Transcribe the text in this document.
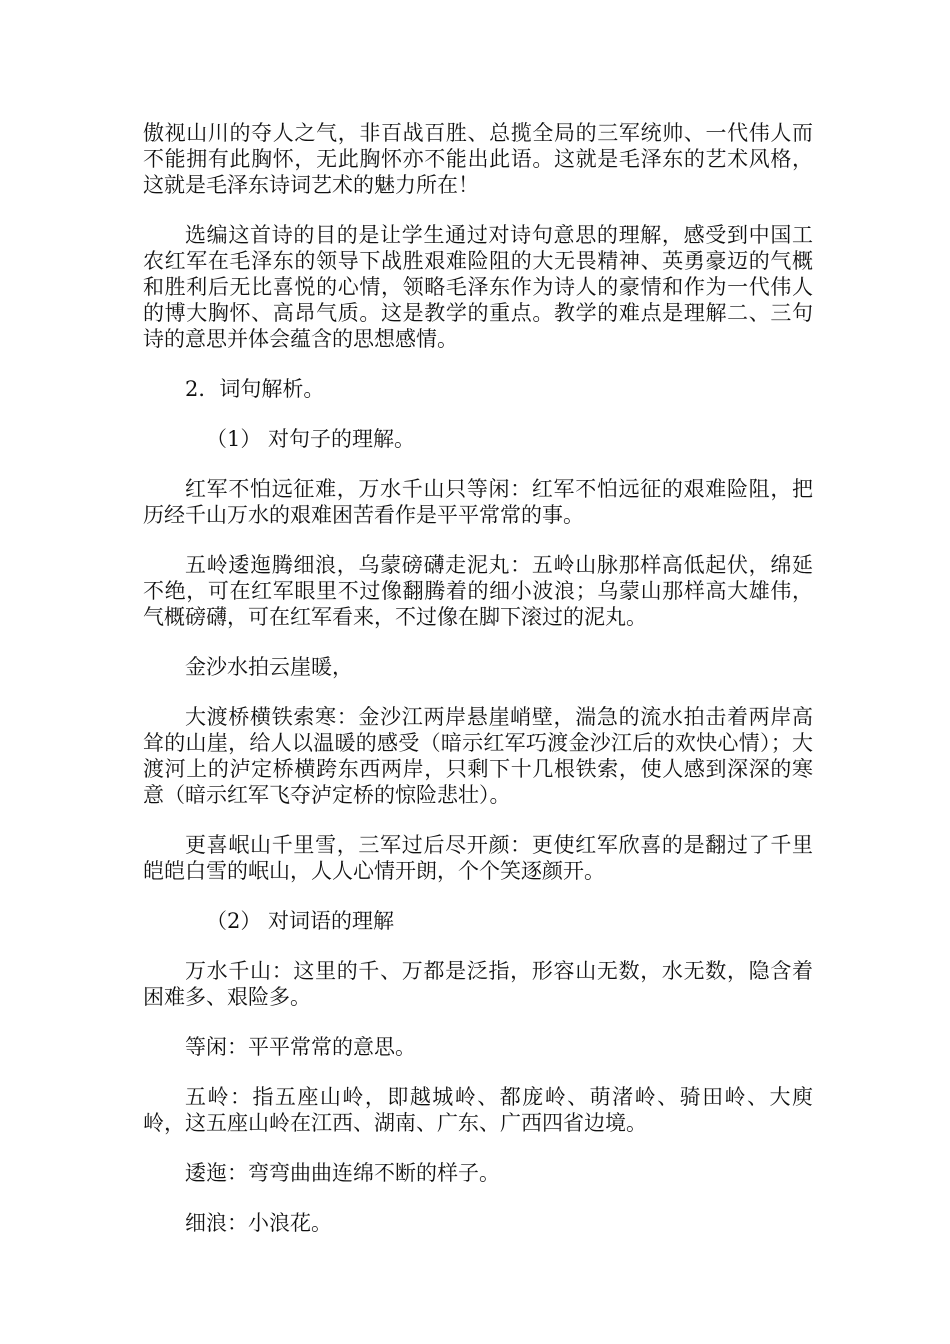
傲视山川的夺人之气，非百战百胜、总揽全局的三军统帅、一代伟人而不能拥有此胸怀，无此胸怀亦不能出此语。这就是毛泽东的艺术风格，这就是毛泽东诗词艺术的魅力所在！

选编这首诗的目的是让学生通过对诗句意思的理解，感受到中国工农红军在毛泽东的领导下战胜艰难险阻的大无畏精神、英勇豪迈的气概和胜利后无比喜悦的心情，领略毛泽东作为诗人的豪情和作为一代伟人的博大胸怀、高昂气质。这是教学的重点。教学的难点是理解二、三句诗的意思并体会蕴含的思想感情。

2．词句解析。

（1） 对句子的理解。

红军不怕远征难，万水千山只等闲：红军不怕远征的艰难险阻，把历经千山万水的艰难困苦看作是平平常常的事。

五岭逶迤腾细浪，乌蒙磅礴走泥丸：五岭山脉那样高低起伏，绵延不绝，可在红军眼里不过像翻腾着的细小波浪；乌蒙山那样高大雄伟，气概磅礴，可在红军看来，不过像在脚下滚过的泥丸。

金沙水拍云崖暖，

大渡桥横铁索寒：金沙江两岸悬崖峭壁，湍急的流水拍击着两岸高耸的山崖，给人以温暖的感受（暗示红军巧渡金沙江后的欢快心情）；大渡河上的泸定桥横跨东西两岸，只剩下十几根铁索，使人感到深深的寒意（暗示红军飞夺泸定桥的惊险悲壮）。

更喜岷山千里雪，三军过后尽开颜：更使红军欣喜的是翻过了千里皑皑白雪的岷山，人人心情开朗，个个笑逐颜开。

（2） 对词语的理解

万水千山：这里的千、万都是泛指，形容山无数，水无数，隐含着困难多、艰险多。

等闲：平平常常的意思。

五岭：指五座山岭，即越城岭、都庞岭、萌渚岭、骑田岭、大庾岭，这五座山岭在江西、湖南、广东、广西四省边境。

逶迤：弯弯曲曲连绵不断的样子。

细浪：小浪花。
